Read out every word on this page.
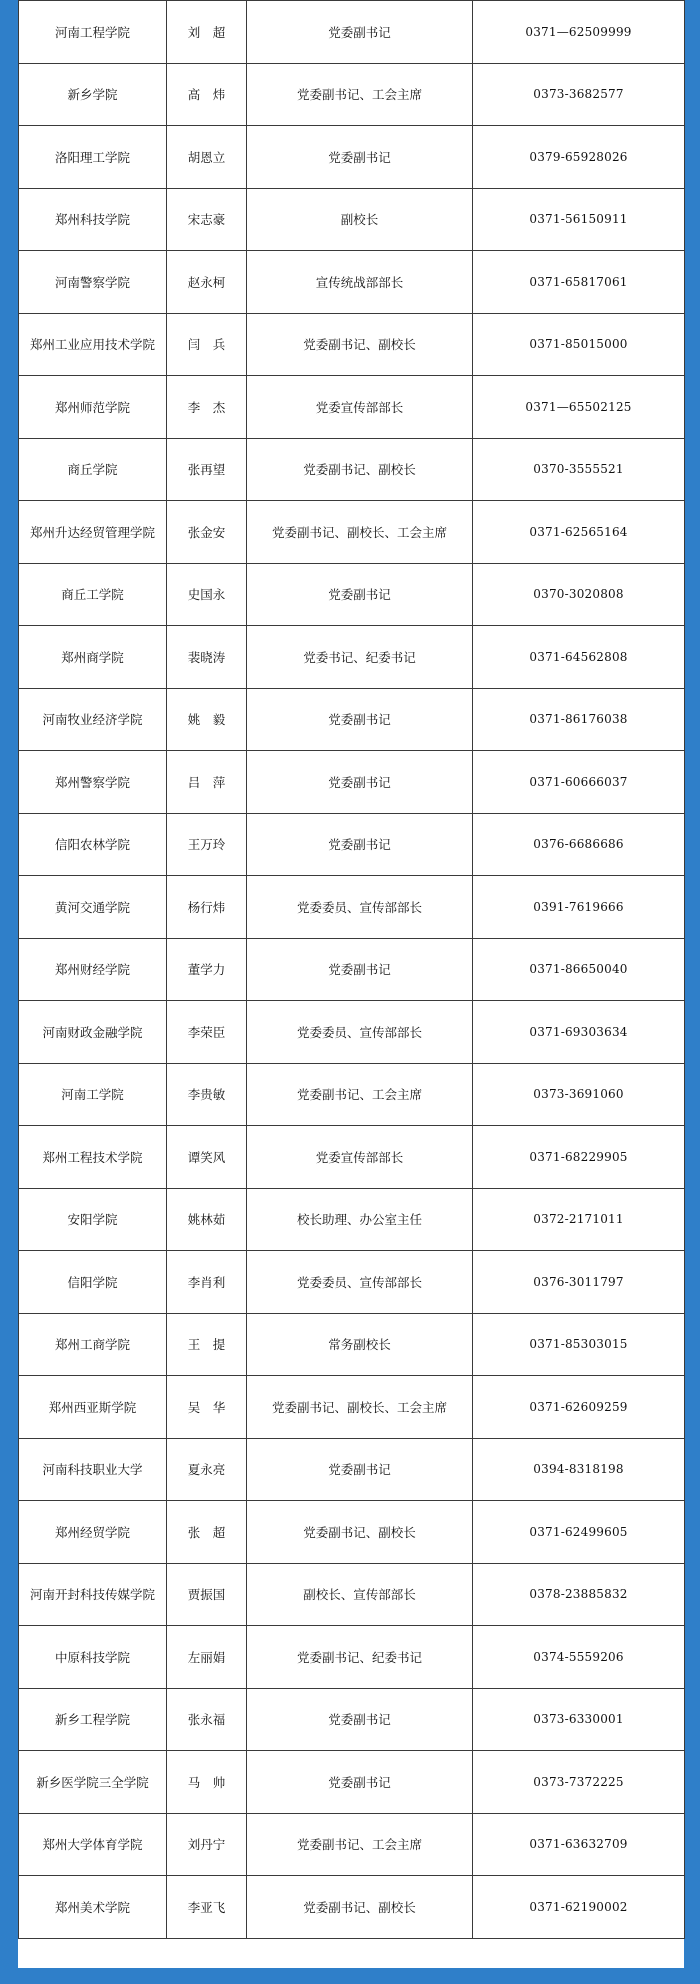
河南工程学院	刘　超	党委副书记	0371—62509999
新乡学院	高　炜	党委副书记、工会主席	0373-3682577
洛阳理工学院	胡恩立	党委副书记	0379-65928026
郑州科技学院	宋志豪	副校长	0371-56150911
河南警察学院	赵永柯	宣传统战部部长	0371-65817061
郑州工业应用技术学院	闫　兵	党委副书记、副校长	0371-85015000
郑州师范学院	李　杰	党委宣传部部长	0371—65502125
商丘学院	张再望	党委副书记、副校长	0370-3555521
郑州升达经贸管理学院	张金安	党委副书记、副校长、工会主席	0371-62565164
商丘工学院	史国永	党委副书记	0370-3020808
郑州商学院	裴晓涛	党委书记、纪委书记	0371-64562808
河南牧业经济学院	姚　毅	党委副书记	0371-86176038
郑州警察学院	吕　萍	党委副书记	0371-60666037
信阳农林学院	王万玲	党委副书记	0376-6686686
黄河交通学院	杨行炜	党委委员、宣传部部长	0391-7619666
郑州财经学院	董学力	党委副书记	0371-86650040
河南财政金融学院	李荣臣	党委委员、宣传部部长	0371-69303634
河南工学院	李贵敏	党委副书记、工会主席	0373-3691060
郑州工程技术学院	谭笑风	党委宣传部部长	0371-68229905
安阳学院	姚林茹	校长助理、办公室主任	0372-2171011
信阳学院	李肖利	党委委员、宣传部部长	0376-3011797
郑州工商学院	王　提	常务副校长	0371-85303015
郑州西亚斯学院	吴　华	党委副书记、副校长、工会主席	0371-62609259
河南科技职业大学	夏永亮	党委副书记	0394-8318198
郑州经贸学院	张　超	党委副书记、副校长	0371-62499605
河南开封科技传媒学院	贾振国	副校长、宣传部部长	0378-23885832
中原科技学院	左丽娟	党委副书记、纪委书记	0374-5559206
新乡工程学院	张永福	党委副书记	0373-6330001
新乡医学院三全学院	马　帅	党委副书记	0373-7372225
郑州大学体育学院	刘丹宁	党委副书记、工会主席	0371-63632709
郑州美术学院	李亚飞	党委副书记、副校长	0371-62190002
